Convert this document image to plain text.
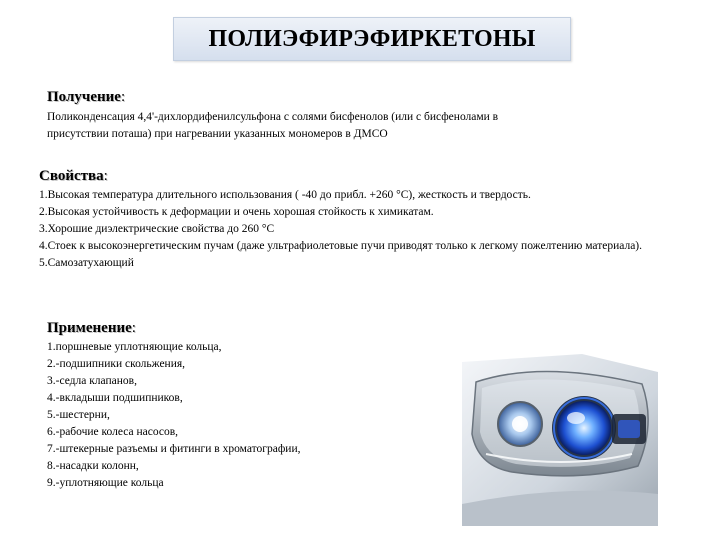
ПОЛИЭФИРЭФИРКЕТОНЫ
Получение:
Поликонденсация 4,4'-дихлордифенилсульфона с солями бисфенолов (или с бисфенолами в
присутствии поташа) при нагревании указанных мономеров в ДМСО
Свойства:
1.Высокая температура длительного использования ( -40 до прибл. +260 °C), жесткость и твердость.
2.Высокая устойчивость к деформации и очень хорошая стойкость к химикатам.
3.Хорошие диэлектрические свойства до 260 °C
4.Стоек к высокоэнергетическим пучам (даже ультрафиолетовые пучи приводят только к легкому пожелтению материала).
5.Самозатухающий
Применение:
1.поршневые уплотняющие кольца,
2.-подшипники скольжения,
3.-седла клапанов,
4.-вкладыши подшипников,
5.-шестерни,
6.-рабочие колеса насосов,
7.-штекерные разъемы и фитинги в хроматографии,
8.-насадки колонн,
9.-уплотняющие кольца
